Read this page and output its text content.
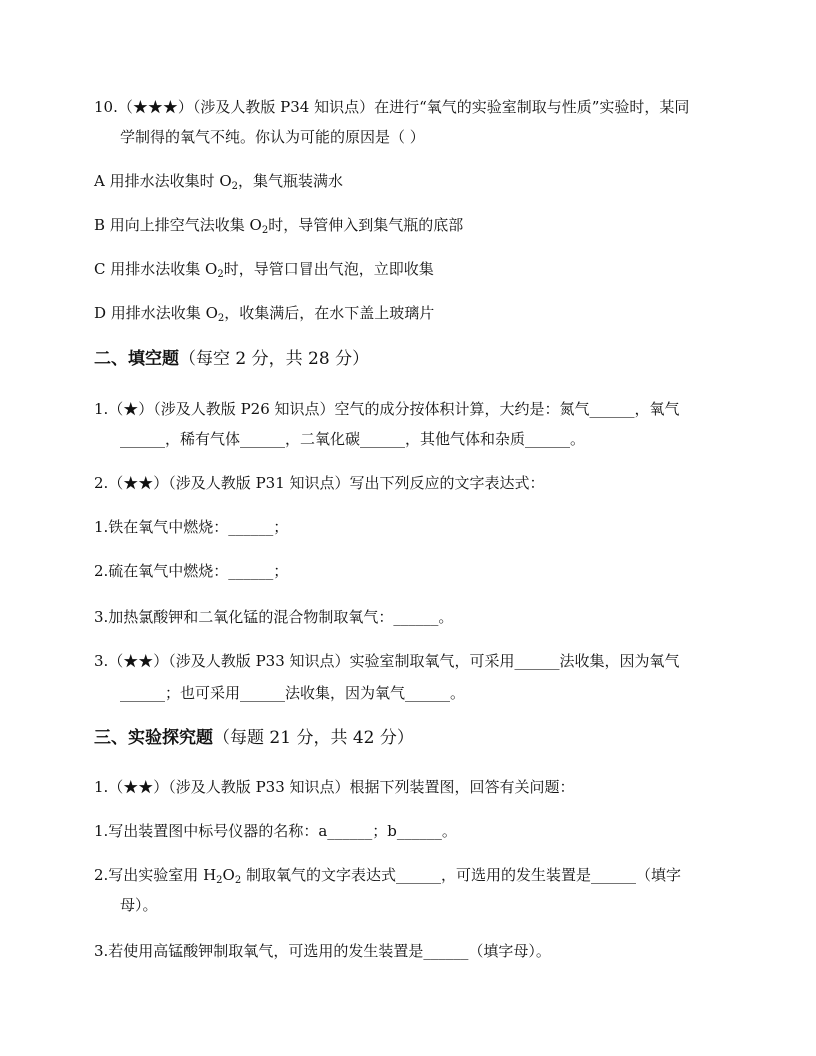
10.（★★★）（涉及人教版 P34 知识点）在进行“氧气的实验室制取与性质”实验时，某同
学制得的氧气不纯。你认为可能的原因是（ ）
A 用排水法收集时 $O_2$，集气瓶装满水
B 用向上排空气法收集 $O_2$时，导管伸入到集气瓶的底部
C 用排水法收集 $O_2$时，导管口冒出气泡，立即收集
D 用排水法收集 $O_2$，收集满后，在水下盖上玻璃片
二、填空题（每空 2 分，共 28 分）
1.（★）（涉及人教版 P26 知识点）空气的成分按体积计算，大约是：氮气______，氧气
______，稀有气体______，二氧化碳______，其他气体和杂质______。
2.（★★）（涉及人教版 P31 知识点）写出下列反应的文字表达式：
1.铁在氧气中燃烧：______；
2.硫在氧气中燃烧：______；
3.加热氯酸钾和二氧化锰的混合物制取氧气：______。
3.（★★）（涉及人教版 P33 知识点）实验室制取氧气，可采用______法收集，因为氧气
______；也可采用______法收集，因为氧气______。
三、实验探究题（每题 21 分，共 42 分）
1.（★★）（涉及人教版 P33 知识点）根据下列装置图，回答有关问题：
1.写出装置图中标号仪器的名称：a______；b______。
2.写出实验室用 $H_2O_2$ 制取氧气的文字表达式______，可选用的发生装置是______（填字
母）。
3.若使用高锰酸钾制取氧气，可选用的发生装置是______（填字母）。
